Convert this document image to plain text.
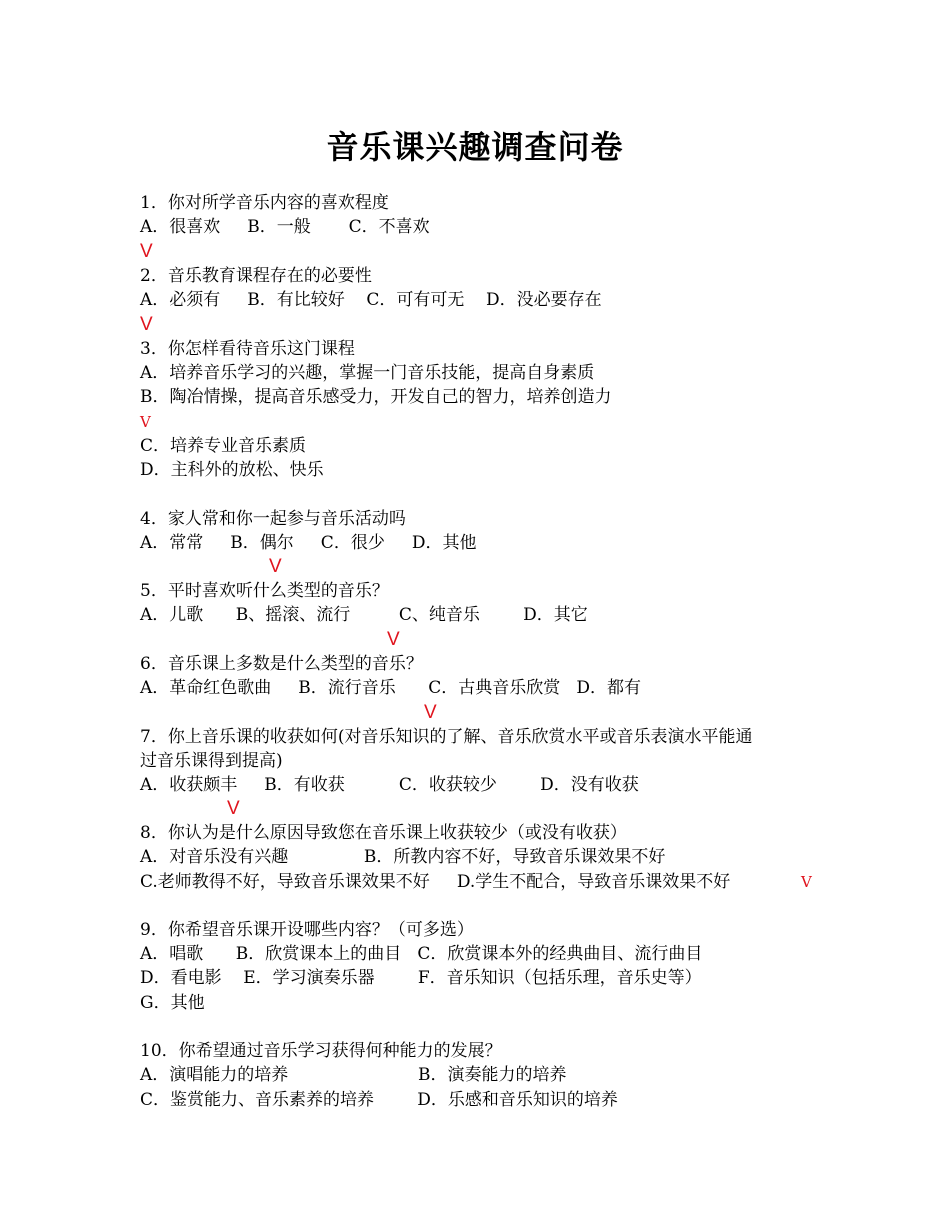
音乐课兴趣调查问卷
1．你对所学音乐内容的喜欢程度
A．很喜欢     B．一般       C．不喜欢
V
2．音乐教育课程存在的必要性
A．必须有     B．有比较好    C．可有可无    D．没必要存在
V
3．你怎样看待音乐这门课程
A．培养音乐学习的兴趣，掌握一门音乐技能，提高自身素质
B．陶冶情操，提高音乐感受力，开发自己的智力，培养创造力
V
C．培养专业音乐素质
D．主科外的放松、快乐
4．家人常和你一起参与音乐活动吗
A．常常     B．偶尔     C．很少     D．其他
V
5．平时喜欢听什么类型的音乐？
A．儿歌      B、摇滚、流行         C、纯音乐        D．其它
V
6．音乐课上多数是什么类型的音乐？
A．革命红色歌曲     B．流行音乐      C．古典音乐欣赏   D．都有
V
7．你上音乐课的收获如何(对音乐知识的了解、音乐欣赏水平或音乐表演水平能通
过音乐课得到提高)
A．收获颇丰     B．有收获          C．收获较少        D．没有收获
V
8．你认为是什么原因导致您在音乐课上收获较少（或没有收获）
A．对音乐没有兴趣              B．所教内容不好，导致音乐课效果不好
C.老师教得不好，导致音乐课效果不好     D.学生不配合，导致音乐课效果不好	V
9．你希望音乐课开设哪些内容？（可多选）
A．唱歌      B．欣赏课本上的曲目   C．欣赏课本外的经典曲目、流行曲目
D．看电影    E．学习演奏乐器        F．音乐知识（包括乐理，音乐史等）
G．其他
10．你希望通过音乐学习获得何种能力的发展？
A．演唱能力的培养                        B．演奏能力的培养
C．鉴赏能力、音乐素养的培养        D．乐感和音乐知识的培养
